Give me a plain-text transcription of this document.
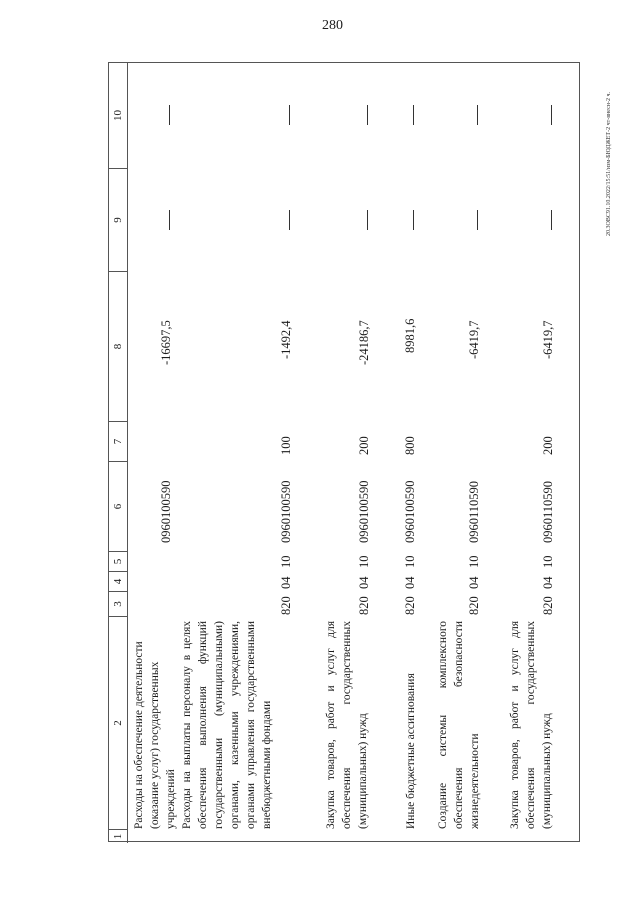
280
20.3ОВС91.10.2022/15:51/изм-БЮДЖЕТ-2 чт-внесн-2 ч.
1
2
3
4
5
6
7
8
9
10
Расходы на обеспечение деятельности (оказание услуг) государственных учреждений
0960100590
-16697,5
Расходы на выплаты персоналу в целях обеспечения выполнения функций государственными (муниципальными) органами, казенными учреждениями, органами управления государственными внебюджетными фондами
820
04
10
0960100590
100
-1492,4
Закупка товаров, работ и услуг для обеспечения государственных (муниципальных) нужд
820
04
10
0960100590
200
-24186,7
Иные бюджетные ассигнования
820
04
10
0960100590
800
8981,6
Создание системы комплексного обеспечения безопасности жизнедеятельности
820
04
10
0960110590
-6419,7
Закупка товаров, работ и услуг для обеспечения государственных (муниципальных) нужд
820
04
10
0960110590
200
-6419,7
